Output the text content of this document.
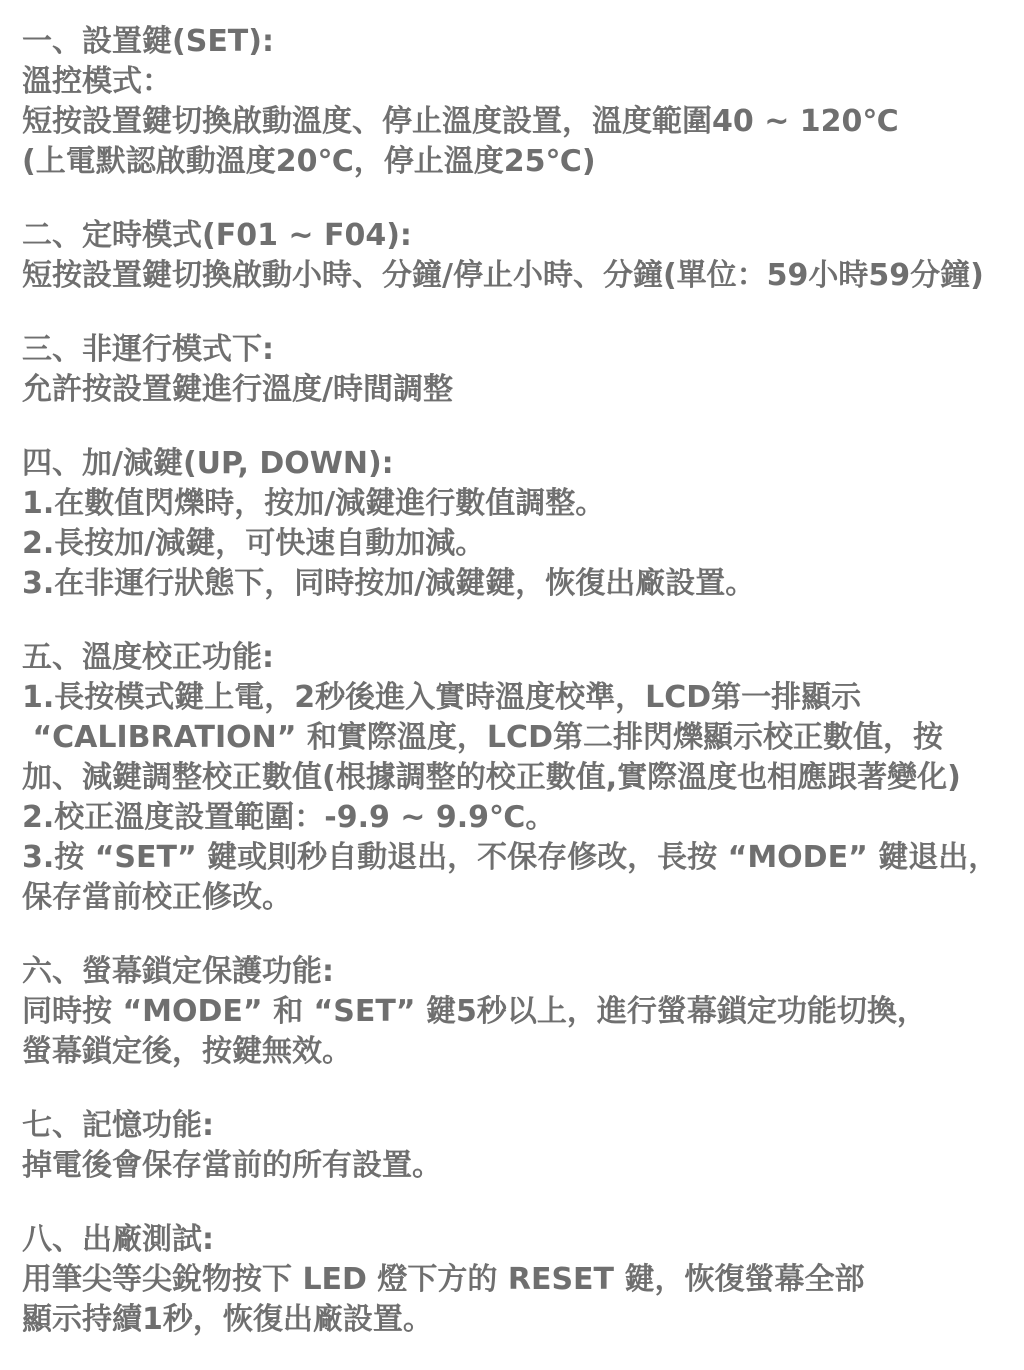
一、設置鍵(SET):
溫控模式：
短按設置鍵切換啟動溫度、停止溫度設置，溫度範圍40 ~ 120℃
(上電默認啟動溫度20℃，停止溫度25℃)
二、定時模式(F01 ~ F04):
短按設置鍵切換啟動小時、分鐘/停止小時、分鐘(單位：59小時59分鐘)
三、非運行模式下:
允許按設置鍵進行溫度/時間調整
四、加/減鍵(UP, DOWN):
1.在數值閃爍時，按加/減鍵進行數值調整。
2.長按加/減鍵，可快速自動加減。
3.在非運行狀態下，同時按加/減鍵鍵，恢復出廠設置。
五、溫度校正功能:
1.長按模式鍵上電，2秒後進入實時溫度校準，LCD第一排顯示
“CALIBRATION” 和實際溫度，LCD第二排閃爍顯示校正數值，按
加、減鍵調整校正數值(根據調整的校正數值,實際溫度也相應跟著變化)
2.校正溫度設置範圍：-9.9 ~ 9.9℃。
3.按 “SET” 鍵或則秒自動退出，不保存修改，長按 “MODE” 鍵退出，
保存當前校正修改。
六、螢幕鎖定保護功能:
同時按 “MODE” 和 “SET” 鍵5秒以上，進行螢幕鎖定功能切換，
螢幕鎖定後，按鍵無效。
七、記憶功能:
掉電後會保存當前的所有設置。
八、出廠測試:
用筆尖等尖銳物按下 LED 燈下方的 RESET 鍵，恢復螢幕全部
顯示持續1秒，恢復出廠設置。
